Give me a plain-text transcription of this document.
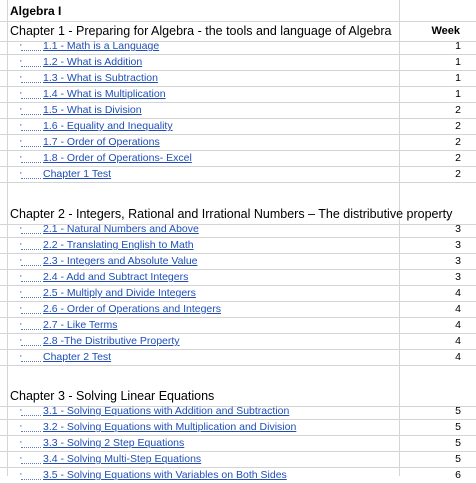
Algebra I
Chapter 1 - Preparing for Algebra - the tools and language of Algebra	Week
· 1.1 - Math is a Language	1
· 1.2 - What is Addition	1
· 1.3 - What is Subtraction	1
· 1.4 - What is Multiplication	1
· 1.5 - What is Division	2
· 1.6 - Equality and Inequality	2
· 1.7 - Order of Operations	2
· 1.8 - Order of Operations- Excel	2
· Chapter 1 Test	2
Chapter 2 - Integers, Rational and Irrational Numbers – The distributive property
· 2.1 - Natural Numbers and Above	3
· 2.2 - Translating English to Math	3
· 2.3 - Integers and Absolute Value	3
· 2.4 - Add and Subtract Integers	3
· 2.5 - Multiply and Divide Integers	4
· 2.6 - Order of Operations and Integers	4
· 2.7 - Like Terms	4
· 2.8 -The Distributive Property	4
· Chapter 2 Test	4
Chapter 3 - Solving Linear Equations
· 3.1 - Solving Equations with Addition and Subtraction	5
· 3.2 - Solving Equations with Multiplication and Division	5
· 3.3 - Solving 2 Step Equations	5
· 3.4 - Solving Multi-Step Equations	5
· 3.5 - Solving Equations with Variables on Both Sides	6
